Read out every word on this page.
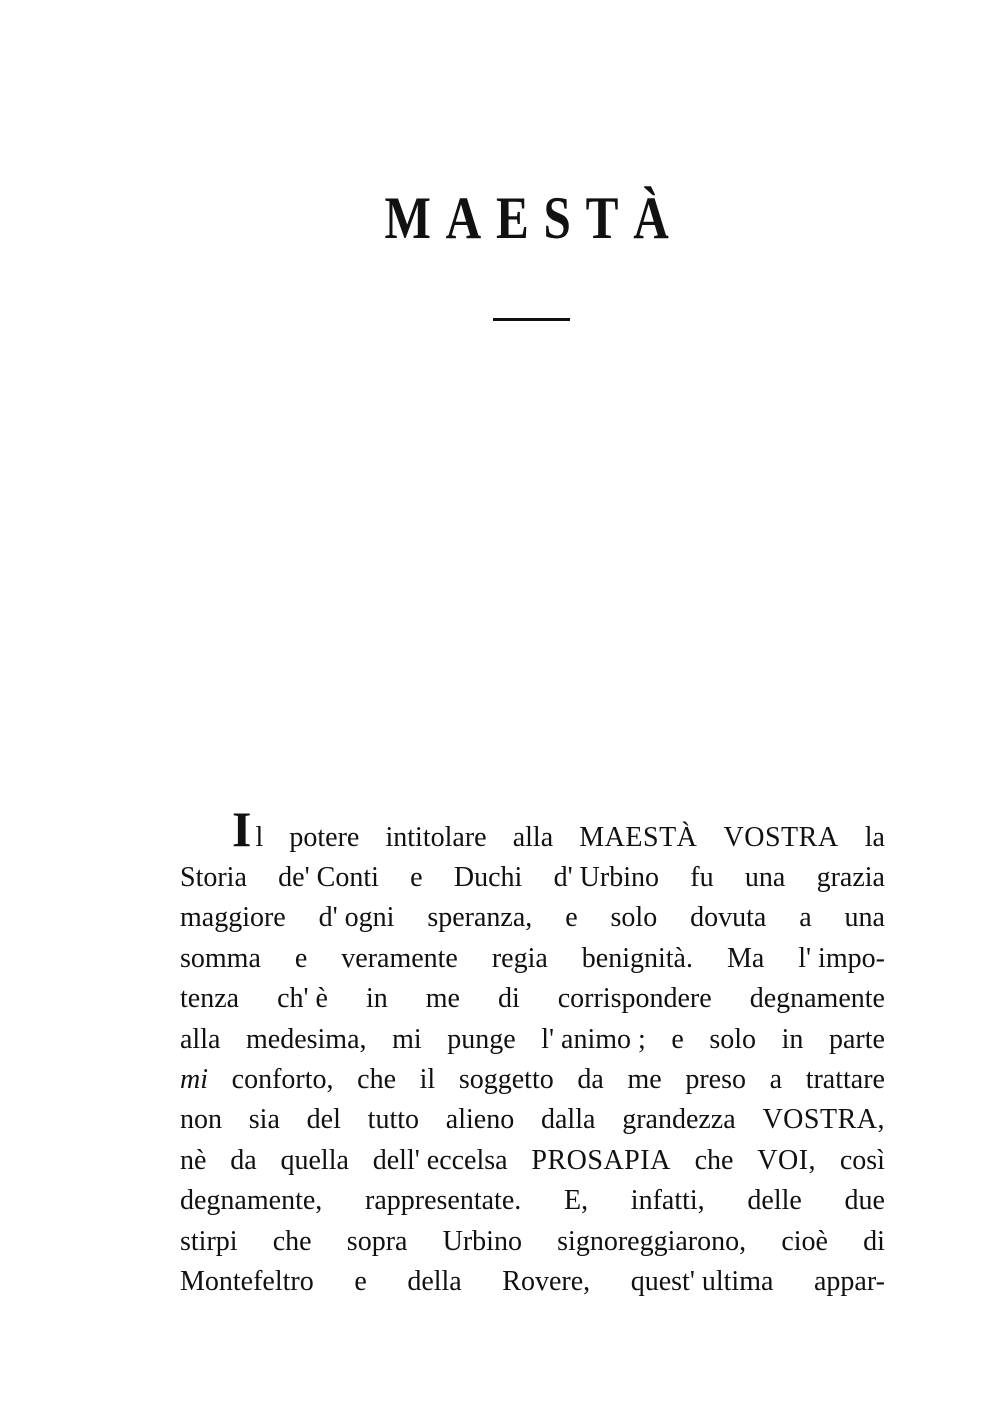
MAESTÀ
Il potere intitolare alla MAESTÀ VOSTRA la
Storia de' Conti e Duchi d' Urbino fu una grazia
maggiore d' ogni speranza, e solo dovuta a una
somma e veramente regia benignità. Ma l' impo-
tenza ch' è in me di corrispondere degnamente
alla medesima, mi punge l' animo ; e solo in parte
mi conforto, che il soggetto da me preso a trattare
non sia del tutto alieno dalla grandezza VOSTRA,
nè da quella dell' eccelsa PROSAPIA che VOI, così
degnamente, rappresentate. E, infatti, delle due
stirpi che sopra Urbino signoreggiarono, cioè di
Montefeltro e della Rovere, quest' ultima appar-
